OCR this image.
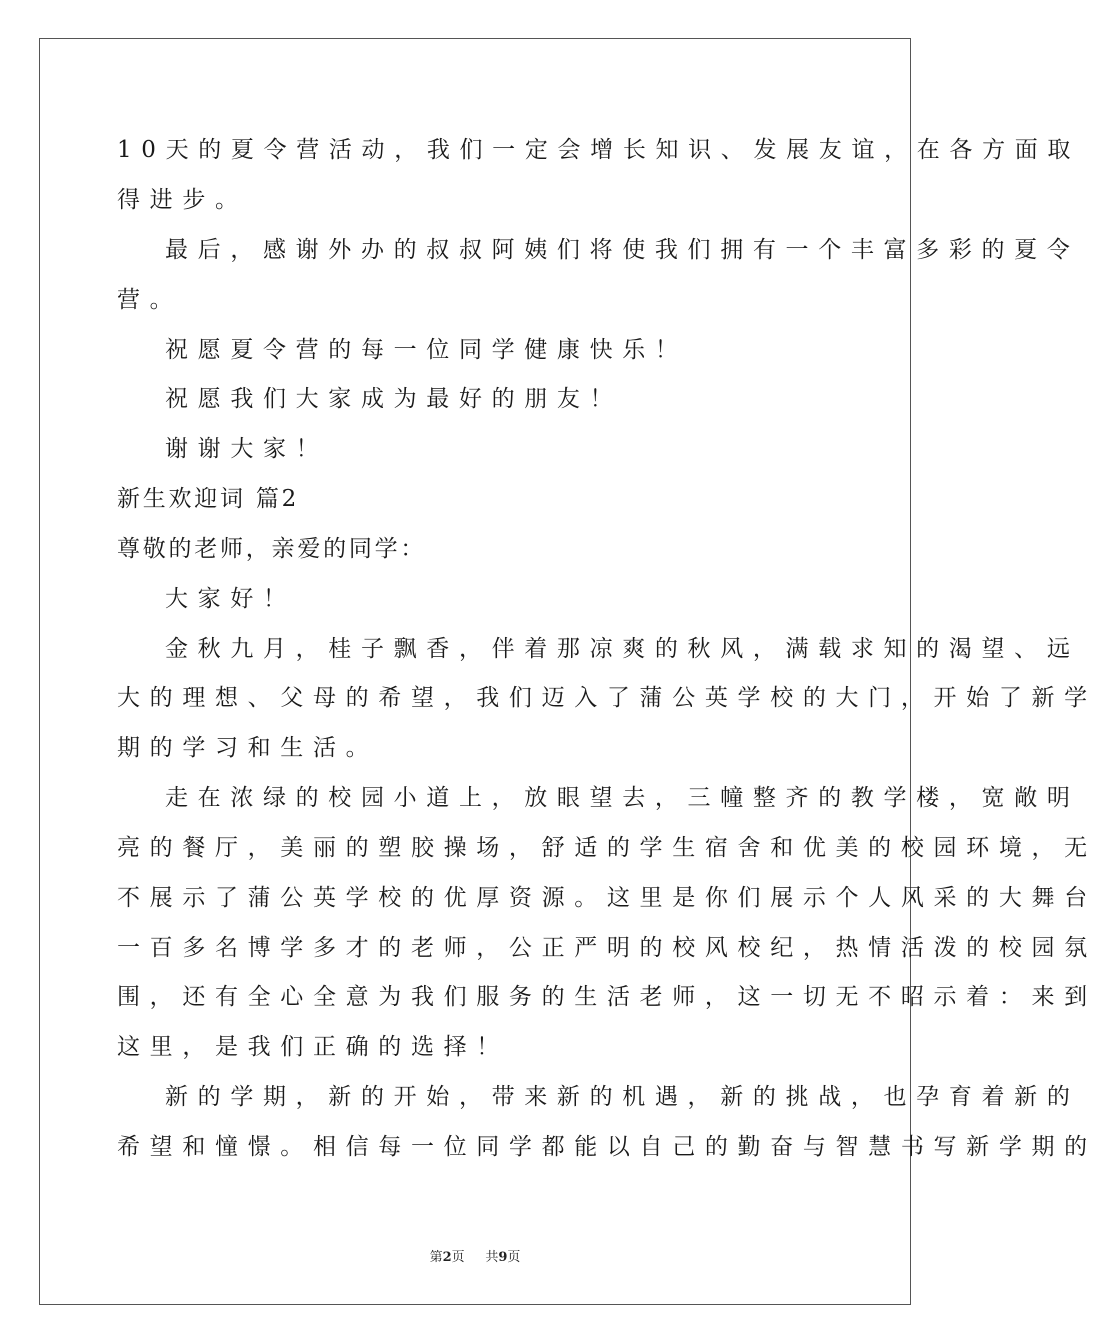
10天的夏令营活动，我们一定会增长知识、发展友谊，在各方面取
得进步。
最后，感谢外办的叔叔阿姨们将使我们拥有一个丰富多彩的夏令
营。
祝愿夏令营的每一位同学健康快乐！
祝愿我们大家成为最好的朋友！
谢谢大家！
新生欢迎词 篇2
尊敬的老师，亲爱的同学：
大家好！
金秋九月，桂子飘香，伴着那凉爽的秋风，满载求知的渴望、远
大的理想、父母的希望，我们迈入了蒲公英学校的大门，开始了新学
期的学习和生活。
走在浓绿的校园小道上，放眼望去，三幢整齐的教学楼，宽敞明
亮的餐厅，美丽的塑胶操场，舒适的学生宿舍和优美的校园环境，无
不展示了蒲公英学校的优厚资源。这里是你们展示个人风采的大舞台
一百多名博学多才的老师，公正严明的校风校纪，热情活泼的校园氛
围，还有全心全意为我们服务的生活老师，这一切无不昭示着：来到
这里，是我们正确的选择！
新的学期，新的开始，带来新的机遇，新的挑战，也孕育着新的
希望和憧憬。相信每一位同学都能以自己的勤奋与智慧书写新学期的
第2页 共9页
